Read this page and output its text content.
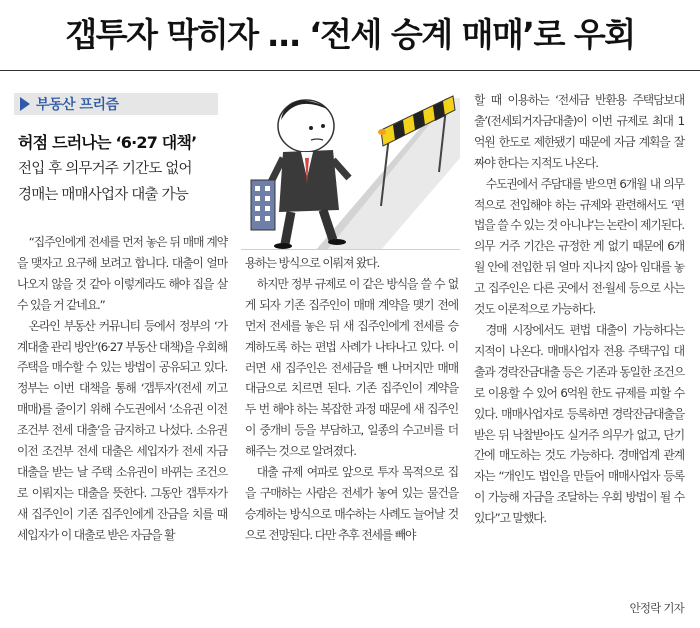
갭투자 막히자 … ‘전세 승계 매매’로 우회
부동산 프리즘
허점 드러나는 ‘6·27 대책’
전입 후 의무거주 기간도 없어
경매는 매매사업자 대출 가능

“집주인에게 전세를 먼저 놓은 뒤 매매 계약을 맺자고 요구해 보려고 합니다. 대출이 얼마 나오지 않을 것 같아 이렇게라도 해야 집을 살 수 있을 거 같네요.”

온라인 부동산 커뮤니티 등에서 정부의 ‘가계대출 관리 방안’(6·27 부동산 대책)을 우회해 주택을 매수할 수 있는 방법이 공유되고 있다. 정부는 이번 대책을 통해 ‘갭투자’(전세 끼고 매매)를 줄이기 위해 수도권에서 ‘소유권 이전 조건부 전세 대출’을 금지하고 나섰다. 소유권 이전 조건부 전세 대출은 세입자가 전세 자금 대출을 받는 날 주택 소유권이 바뀌는 조건으로 이뤄지는 대출을 뜻한다. 그동안 갭투자가 새 집주인이 기존 집주인에게 잔금을 치를 때 세입자가 이 대출로 받은 자금을 활

용하는 방식으로 이뤄져 왔다.

하지만 정부 규제로 이 같은 방식을 쓸 수 없게 되자 기존 집주인이 매매 계약을 맺기 전에 먼저 전세를 놓은 뒤 새 집주인에게 전세를 승계하도록 하는 편법 사례가 나타나고 있다. 이러면 새 집주인은 전세금을 뺀 나머지만 매매 대금으로 치르면 된다. 기존 집주인이 계약을 두 번 해야 하는 복잡한 과정 때문에 새 집주인이 중개비 등을 부담하고, 일종의 수고비를 더해주는 것으로 알려졌다.

대출 규제 여파로 앞으로 투자 목적으로 집을 구매하는 사람은 전세가 놓여 있는 물건을 승계하는 방식으로 매수하는 사례도 늘어날 것으로 전망된다. 다만 추후 전세를 빼야

할 때 이용하는 ‘전세금 반환용 주택담보대출’(전세퇴거자금대출)이 이번 규제로 최대 1억원 한도로 제한됐기 때문에 자금 계획을 잘 짜야 한다는 지적도 나온다.

수도권에서 주담대를 받으면 6개월 내 의무적으로 전입해야 하는 규제와 관련해서도 ‘편법을 쓸 수 있는 것 아니냐’는 논란이 제기된다. 의무 거주 기간은 규정한 게 없기 때문에 6개월 안에 전입한 뒤 얼마 지나지 않아 임대를 놓고 집주인은 다른 곳에서 전·월세 등으로 사는 것도 이론적으로 가능하다.

경매 시장에서도 편법 대출이 가능하다는 지적이 나온다. 매매사업자 전용 주택구입 대출과 경락잔금대출 등은 기존과 동일한 조건으로 이용할 수 있어 6억원 한도 규제를 피할 수 있다. 매매사업자로 등록하면 경락잔금대출을 받은 뒤 낙찰받아도 실거주 의무가 없고, 단기간에 매도하는 것도 가능하다. 경매업계 관계자는 “개인도 법인을 만들어 매매사업자 등록이 가능해 자금을 조달하는 우회 방법이 될 수 있다”고 말했다.

안정락 기자
